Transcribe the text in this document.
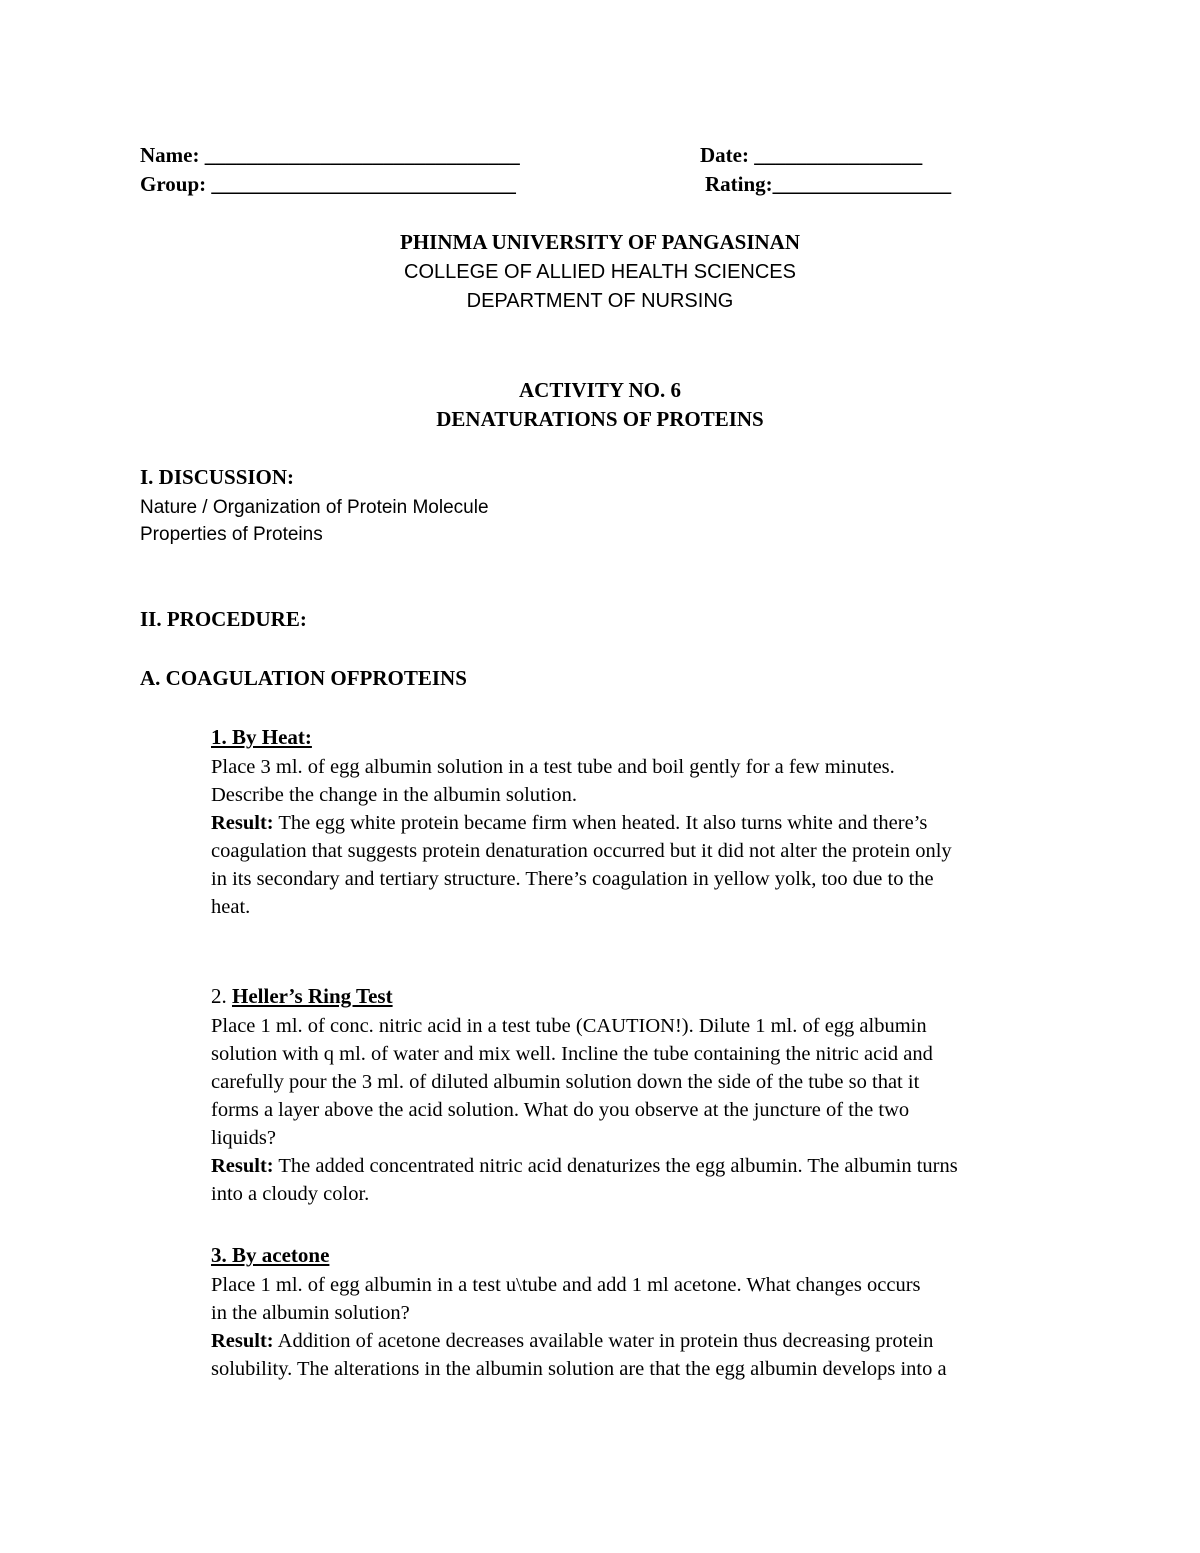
Name: ______________________________	Date: ________________
Group: _____________________________	Rating:_________________
PHINMA UNIVERSITY OF PANGASINAN
COLLEGE OF ALLIED HEALTH SCIENCES
DEPARTMENT OF NURSING
ACTIVITY NO. 6
DENATURATIONS OF PROTEINS
I. DISCUSSION:
Nature / Organization of Protein Molecule
Properties of Proteins
II. PROCEDURE:
A. COAGULATION OFPROTEINS
1. By Heat:
Place 3 ml. of egg albumin solution in a test tube and boil gently for a few minutes.
Describe the change in the albumin solution.
Result: The egg white protein became firm when heated. It also turns white and there’s
coagulation that suggests protein denaturation occurred but it did not alter the protein only
in its secondary and tertiary structure. There’s coagulation in yellow yolk, too due to the
heat.
2. Heller’s Ring Test
Place 1 ml. of conc. nitric acid in a test tube (CAUTION!). Dilute 1 ml. of egg albumin
solution with q ml. of water and mix well. Incline the tube containing the nitric acid and
carefully pour the 3 ml. of diluted albumin solution down the side of the tube so that it
forms a layer above the acid solution. What do you observe at the juncture of the two
liquids?
Result: The added concentrated nitric acid denaturizes the egg albumin. The albumin turns
into a cloudy color.
3. By acetone
Place 1 ml. of egg albumin in a test u\tube and add 1 ml acetone. What changes occurs
in the albumin solution?
Result: Addition of acetone decreases available water in protein thus decreasing protein
solubility. The alterations in the albumin solution are that the egg albumin develops into a
